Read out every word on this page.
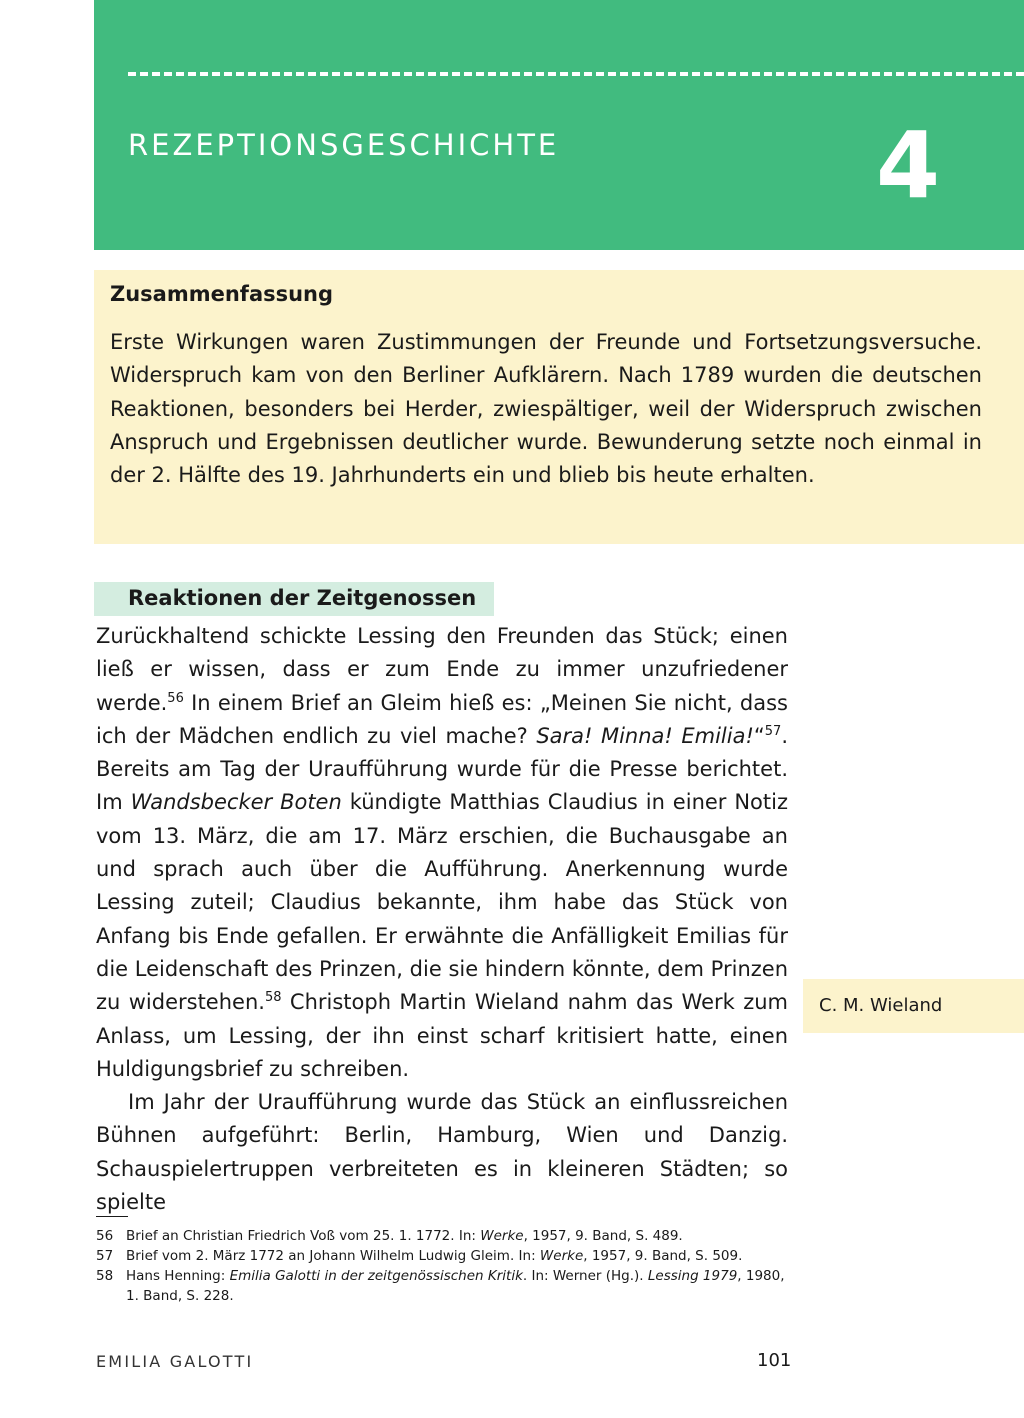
REZEPTIONSGESCHICHTE	4
Zusammenfassung
Erste Wirkungen waren Zustimmungen der Freunde und Fortsetzungsversuche. Widerspruch kam von den Berliner Aufklärern. Nach 1789 wurden die deutschen Reaktionen, besonders bei Herder, zwiespältiger, weil der Widerspruch zwischen Anspruch und Ergebnissen deutlicher wurde. Bewunderung setzte noch einmal in der 2. Hälfte des 19. Jahrhunderts ein und blieb bis heute erhalten.
Reaktionen der Zeitgenossen

Zurückhaltend schickte Lessing den Freunden das Stück; einen ließ er wissen, dass er zum Ende zu immer unzufriedener werde.$^{56}$ In einem Brief an Gleim hieß es: „Meinen Sie nicht, dass ich der Mädchen endlich zu viel mache? Sara! Minna! Emilia!“$^{57}$. Bereits am Tag der Uraufführung wurde für die Presse berichtet. Im Wandsbecker Boten kündigte Matthias Claudius in einer Notiz vom 13. März, die am 17. März erschien, die Buchausgabe an und sprach auch über die Aufführung. Anerkennung wurde Lessing zuteil; Claudius bekannte, ihm habe das Stück von Anfang bis Ende gefallen. Er erwähnte die Anfälligkeit Emilias für die Leidenschaft des Prinzen, die sie hindern könnte, dem Prinzen zu widerstehen.$^{58}$ Christoph Martin Wieland nahm das Werk zum Anlass, um Lessing, der ihn einst scharf kritisiert hatte, einen Huldigungsbrief zu schreiben.

Im Jahr der Uraufführung wurde das Stück an einflussreichen Bühnen aufgeführt: Berlin, Hamburg, Wien und Danzig. Schauspielertruppen verbreiteten es in kleineren Städten; so spielte

C. M. Wieland
56 Brief an Christian Friedrich Voß vom 25. 1. 1772. In: Werke, 1957, 9. Band, S. 489.
57 Brief vom 2. März 1772 an Johann Wilhelm Ludwig Gleim. In: Werke, 1957, 9. Band, S. 509.
58 Hans Henning: Emilia Galotti in der zeitgenössischen Kritik. In: Werner (Hg.). Lessing 1979, 1980, 1. Band, S. 228.
EMILIA GALOTTI	101
